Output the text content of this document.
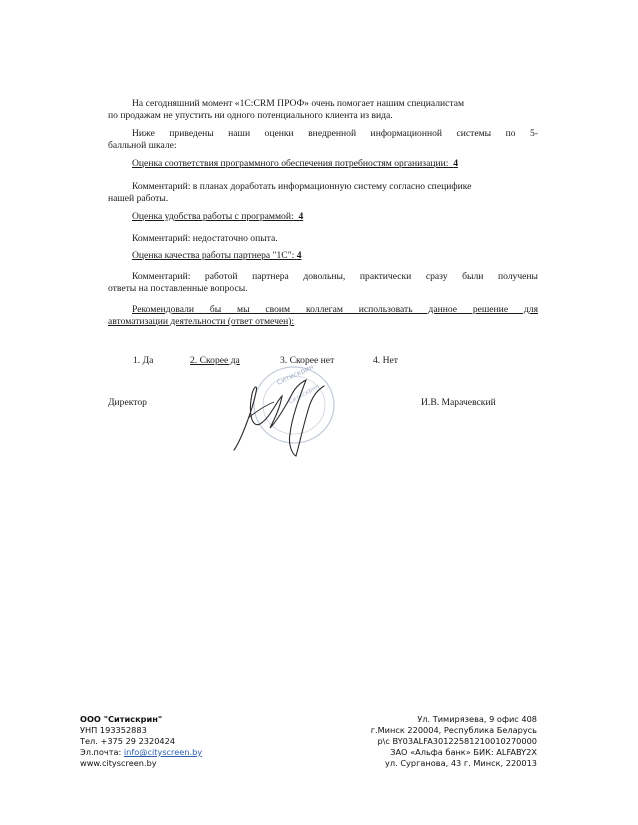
На сегодняшний момент «1С:CRM ПРОФ» очень помогает нашим специалистам
по продажам не упустить ни одного потенциального клиента из вида.
Ниже приведены наши оценки внедренной информационной системы по 5-
балльной шкале:
Оценка соответствия программного обеспечения потребностям организации: 4
Комментарий: в планах доработать информационную систему согласно специфике
нашей работы.
Оценка удобства работы с программой: 4
Комментарий: недостаточно опыта.
Оценка качества работы партнера "1С": 4
Комментарий: работой партнера довольны, практически сразу были получены
ответы на поставленные вопросы.
Рекомендовали бы мы своим коллегам использовать данное решение для
автоматизации деятельности (ответ отмечен):
1. Да	2. Скорее да	3. Скорее нет	4. Нет
Ситискрин
Ситискрин
Директор	И.В. Марачевский
ООО "Ситискрин"
УНП 193352883
Тел. +375 29 2320424
Эл.почта: info@cityscreen.by
www.cityscreen.by
Ул. Тимирязева, 9 офис 408
г.Минск 220004, Республика Беларусь
р\с BY03ALFA30122581210010270000
ЗАО «Альфа банк» БИК: ALFABY2X
ул. Сурганова, 43 г. Минск, 220013
